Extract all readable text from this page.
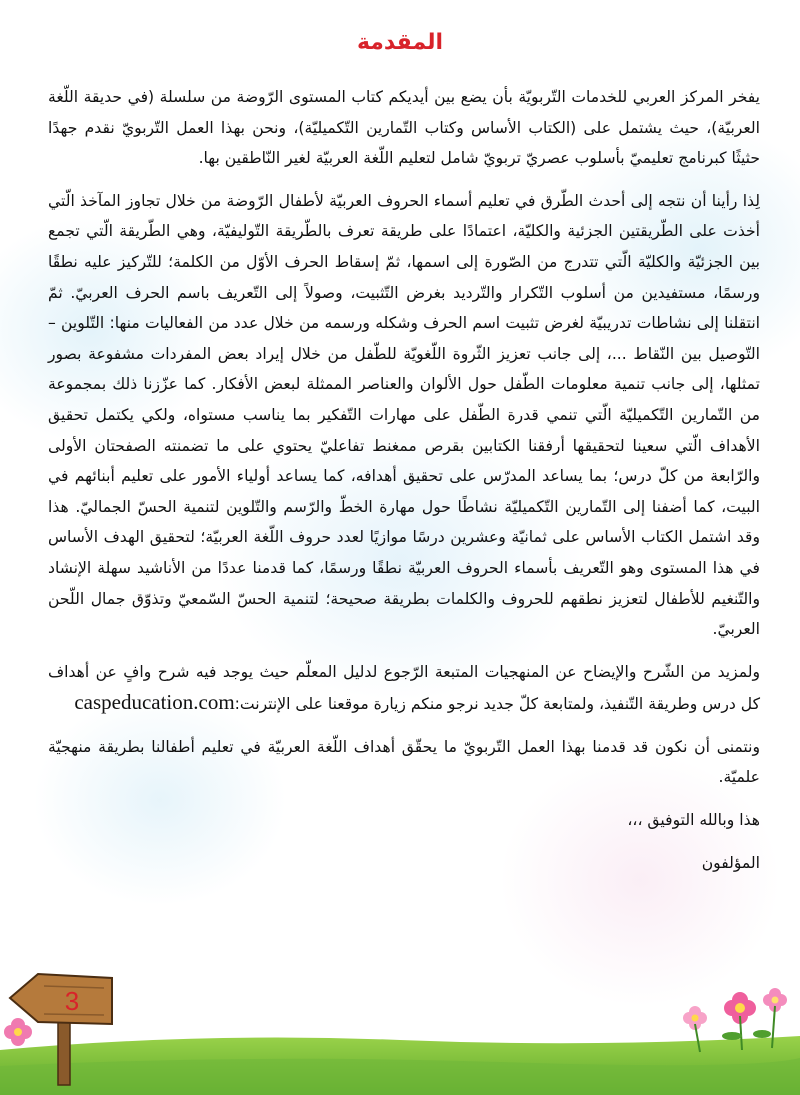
المقدمة

يفخر المركز العربي للخدمات التّربويّة بأن يضع بين أيديكم كتاب المستوى الرّوضة من سلسلة (في حديقة اللّغة العربيّة)، حيث يشتمل على (الكتاب الأساس وكتاب التّمارين التّكميليّة)، ونحن بهذا العمل التّربويّ نقدم جهدًا حثيثًا كبرنامج تعليميّ بأسلوب عصريّ تربويّ شامل لتعليم اللّغة العربيّة لغير النّاطقين بها.

لِذا رأينا أن نتجه إلى أحدث الطّرق في تعليم أسماء الحروف العربيّة لأطفال الرّوضة من خلال تجاوز المآخذ الّتي أخذت على الطّريقتين الجزئية والكليّة، اعتمادًا على طريقة تعرف بالطّريقة التّوليفيّة، وهي الطّريقة الّتي تجمع بين الجزئيّة والكليّة الّتي تتدرج من الصّورة إلى اسمها، ثمّ إسقاط الحرف الأوّل من الكلمة؛ للتّركيز عليه نطقًا ورسمًا، مستفيدين من أسلوب التّكرار والتّرديد بغرض التّثبيت، وصولاً إلى التّعريف باسم الحرف العربيّ. ثمّ انتقلنا إلى نشاطات تدريبيّة لغرض تثبيت اسم الحرف وشكله ورسمه من خلال عدد من الفعاليات منها: التّلوين – التّوصيل بين النّقاط ...، إلى جانب تعزيز الثّروة اللّغويّة للطّفل من خلال إيراد بعض المفردات مشفوعة بصور تمثلها، إلى جانب تنمية معلومات الطّفل حول الألوان والعناصر الممثلة لبعض الأفكار. كما عزّزنا ذلك بمجموعة من التّمارين التّكميليّة الّتي تنمي قدرة الطّفل على مهارات التّفكير بما يناسب مستواه، ولكي يكتمل تحقيق الأهداف الّتي سعينا لتحقيقها أرفقنا الكتابين بقرص ممغنط تفاعليّ يحتوي على ما تضمنته الصفحتان الأولى والرّابعة من كلّ درس؛ بما يساعد المدرّس على تحقيق أهدافه، كما يساعد أولياء الأمور على تعليم أبنائهم في البيت، كما أضفنا إلى التّمارين التّكميليّة نشاطًا حول مهارة الخطّ والرّسم والتّلوين لتنمية الحسّ الجماليّ. هذا وقد اشتمل الكتاب الأساس على ثمانيّة وعشرين درسًا موازيًا لعدد حروف اللّغة العربيّة؛ لتحقيق الهدف الأساس في هذا المستوى وهو التّعريف بأسماء الحروف العربيّة نطقًا ورسمًا، كما قدمنا عددًا من الأناشيد سهلة الإنشاد والتّنغيم للأطفال لتعزيز نطقهم للحروف والكلمات بطريقة صحيحة؛ لتنمية الحسّ السّمعيّ وتذوّق جمال اللّحن العربيّ.

ولمزيد من الشّرح والإيضاح عن المنهجيات المتبعة الرّجوع لدليل المعلّم حيث يوجد فيه شرح وافٍ عن أهداف كل درس وطريقة التّنفيذ، ولمتابعة كلّ جديد نرجو منكم زيارة موقعنا على الإنترنت:caspeducation.com

ونتمنى أن نكون قد قدمنا بهذا العمل التّربويّ ما يحقّق أهداف اللّغة العربيّة في تعليم أطفالنا بطريقة منهجيّة علميّة.

هذا وبالله التوفيق ،،،

المؤلفون

3
